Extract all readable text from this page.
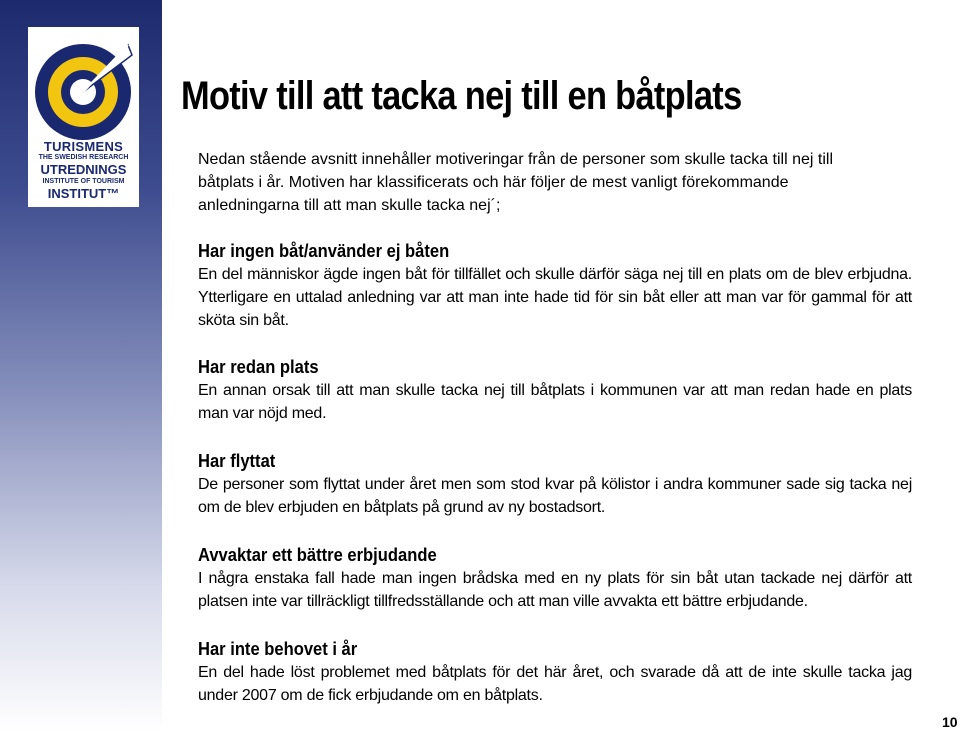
TURISMENS
THE SWEDISH RESEARCH
UTREDNINGS
INSTITUTE OF TOURISM
INSTITUT™
Motiv till att tacka nej till en båtplats

Nedan stående avsnitt innehåller motiveringar från de personer som skulle tacka till nej till båtplats i år. Motiven har klassificerats och här följer de mest vanligt förekommande anledningarna till att man skulle tacka nej´;

Har ingen båt/använder ej båten

En del människor ägde ingen båt för tillfället och skulle därför säga nej till en plats om de blev erbjudna. Ytterligare en uttalad anledning var att man inte hade tid för sin båt eller att man var för gammal för att sköta sin båt.

Har redan plats

En annan orsak till att man skulle tacka nej till båtplats i kommunen var att man redan hade en plats man var nöjd med.

Har flyttat

De personer som flyttat under året men som stod kvar på kölistor i andra kommuner sade sig tacka nej om de blev erbjuden en båtplats på grund av ny bostadsort.

Avvaktar ett bättre erbjudande

I några enstaka fall hade man ingen brådska med en ny plats för sin båt utan tackade nej därför att platsen inte var tillräckligt tillfredsställande och att man ville avvakta ett bättre erbjudande.

Har inte behovet i år

En del hade löst problemet med båtplats för det här året, och svarade då att de inte skulle tacka jag under 2007 om de fick erbjudande om en båtplats.

10
